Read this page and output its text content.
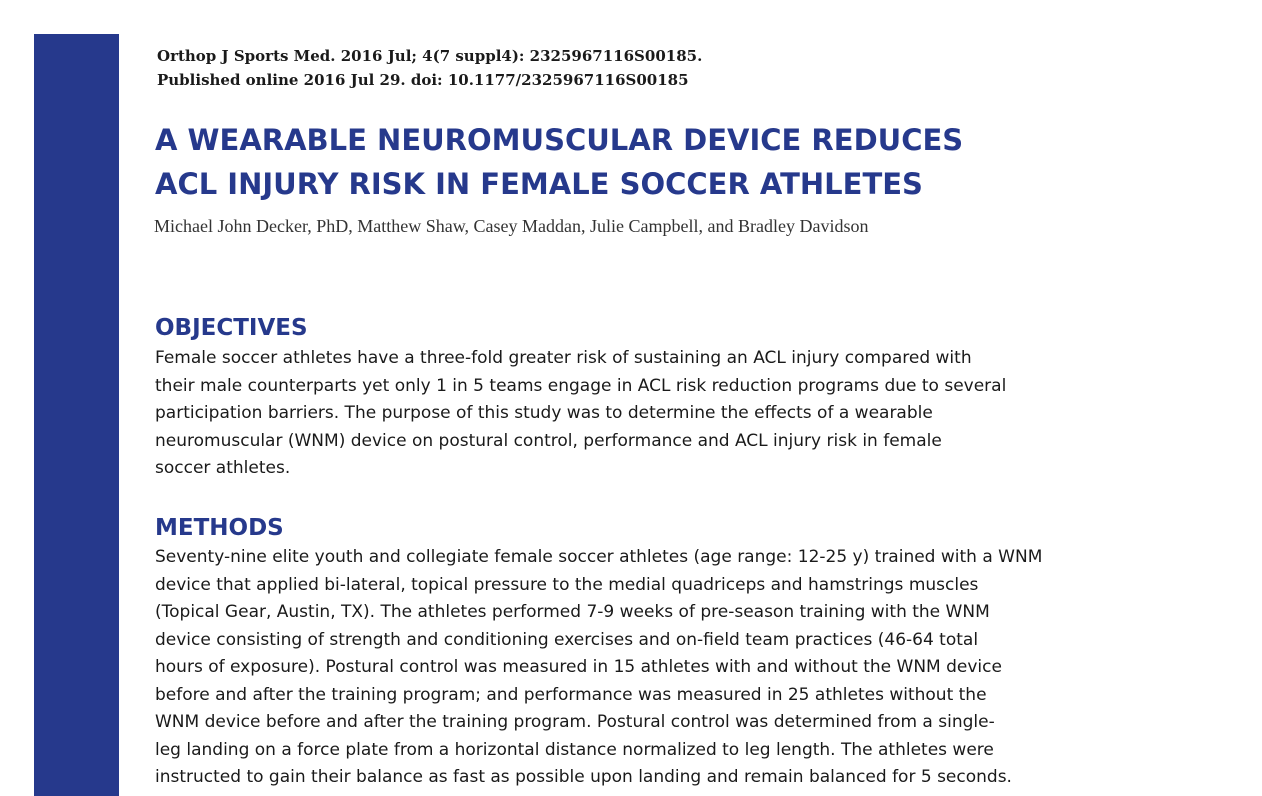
Orthop J Sports Med. 2016 Jul; 4(7 suppl4): 2325967116S00185.
Published online 2016 Jul 29. doi: 10.1177/2325967116S00185
A WEARABLE NEUROMUSCULAR DEVICE REDUCES
ACL INJURY RISK IN FEMALE SOCCER ATHLETES
Michael John Decker, PhD, Matthew Shaw, Casey Maddan, Julie Campbell, and Bradley Davidson
OBJECTIVES
Female soccer athletes have a three-fold greater risk of sustaining an ACL injury compared with
their male counterparts yet only 1 in 5 teams engage in ACL risk reduction programs due to several
participation barriers. The purpose of this study was to determine the effects of a wearable
neuromuscular (WNM) device on postural control, performance and ACL injury risk in female
soccer athletes.
METHODS
Seventy-nine elite youth and collegiate female soccer athletes (age range: 12-25 y) trained with a WNM
device that applied bi-lateral, topical pressure to the medial quadriceps and hamstrings muscles
(Topical Gear, Austin, TX). The athletes performed 7-9 weeks of pre-season training with the WNM
device consisting of strength and conditioning exercises and on-field team practices (46-64 total
hours of exposure). Postural control was measured in 15 athletes with and without the WNM device
before and after the training program; and performance was measured in 25 athletes without the
WNM device before and after the training program. Postural control was determined from a single-
leg landing on a force plate from a horizontal distance normalized to leg length. The athletes were
instructed to gain their balance as fast as possible upon landing and remain balanced for 5 seconds.
